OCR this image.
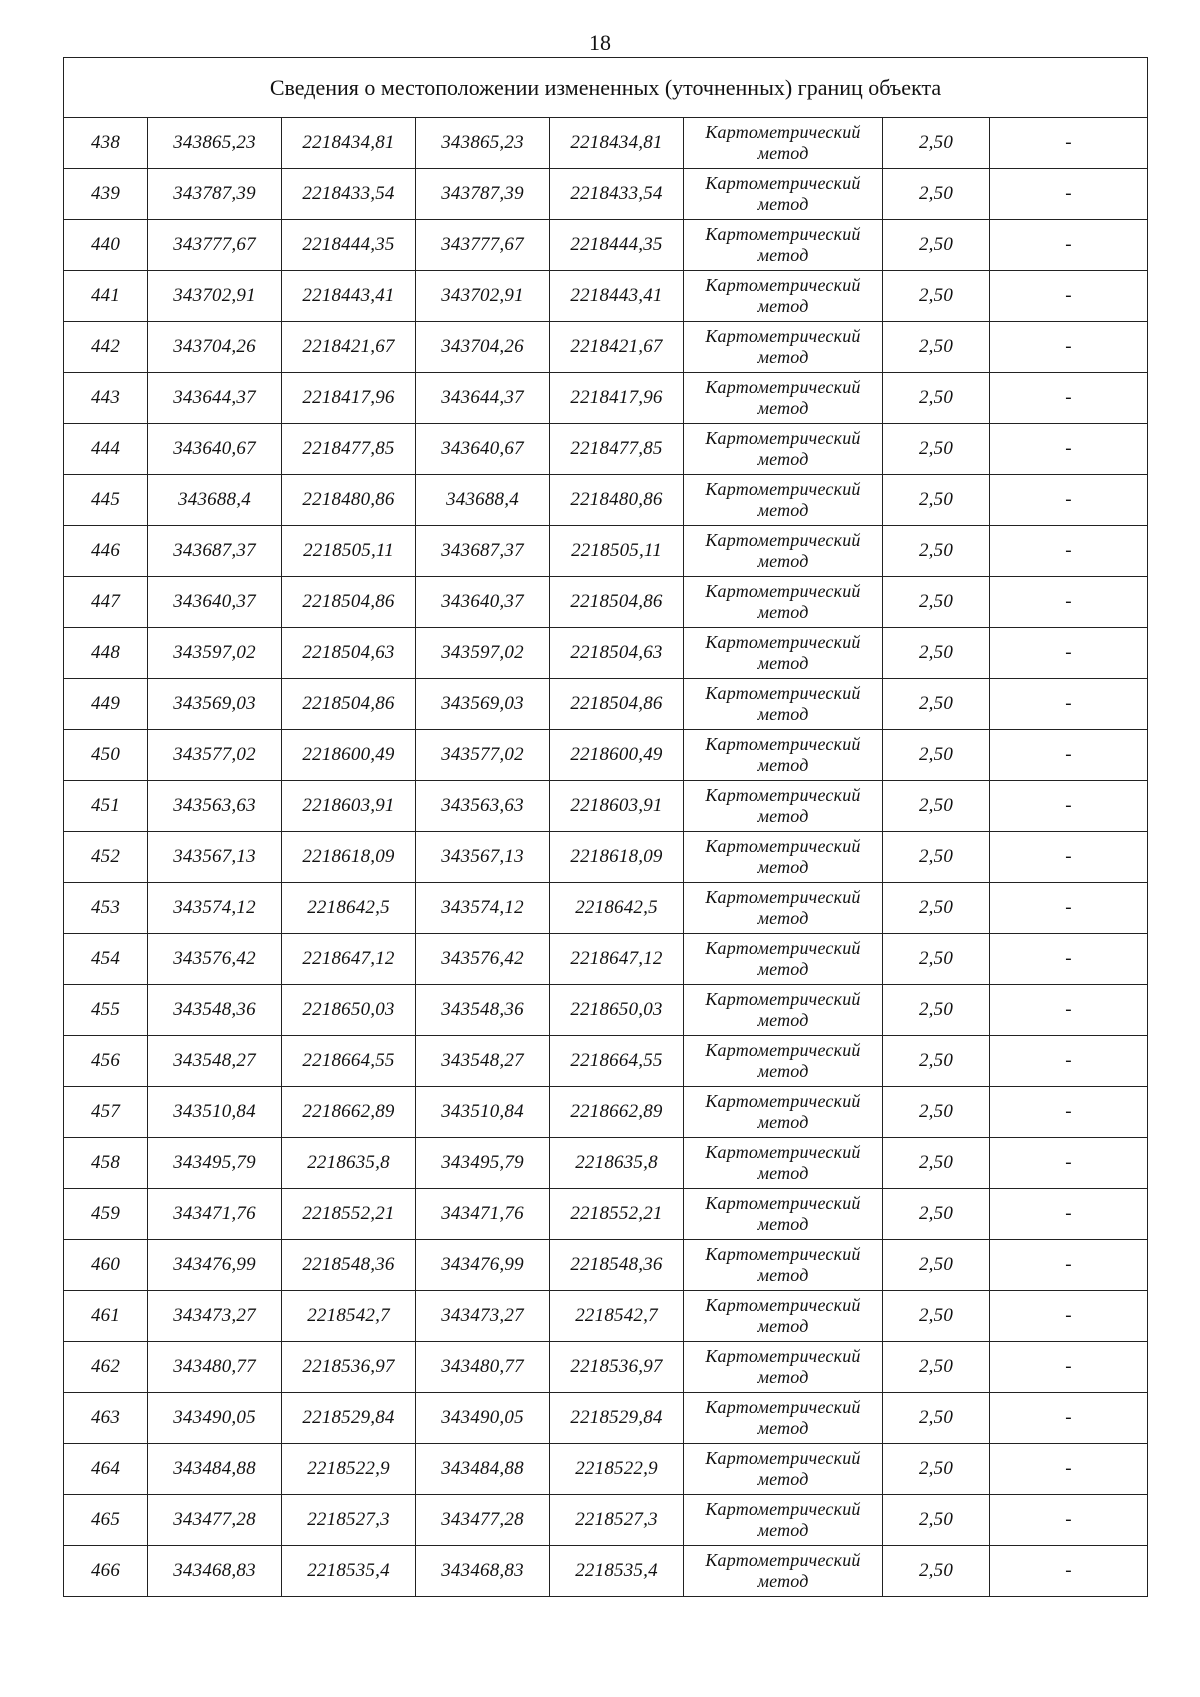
18
Сведения о местоположении измененных (уточненных) границ объекта							
438	343865,23	2218434,81	343865,23	2218434,81	Картометрический метод	2,50	-
439	343787,39	2218433,54	343787,39	2218433,54	Картометрический метод	2,50	-
440	343777,67	2218444,35	343777,67	2218444,35	Картометрический метод	2,50	-
441	343702,91	2218443,41	343702,91	2218443,41	Картометрический метод	2,50	-
442	343704,26	2218421,67	343704,26	2218421,67	Картометрический метод	2,50	-
443	343644,37	2218417,96	343644,37	2218417,96	Картометрический метод	2,50	-
444	343640,67	2218477,85	343640,67	2218477,85	Картометрический метод	2,50	-
445	343688,4	2218480,86	343688,4	2218480,86	Картометрический метод	2,50	-
446	343687,37	2218505,11	343687,37	2218505,11	Картометрический метод	2,50	-
447	343640,37	2218504,86	343640,37	2218504,86	Картометрический метод	2,50	-
448	343597,02	2218504,63	343597,02	2218504,63	Картометрический метод	2,50	-
449	343569,03	2218504,86	343569,03	2218504,86	Картометрический метод	2,50	-
450	343577,02	2218600,49	343577,02	2218600,49	Картометрический метод	2,50	-
451	343563,63	2218603,91	343563,63	2218603,91	Картометрический метод	2,50	-
452	343567,13	2218618,09	343567,13	2218618,09	Картометрический метод	2,50	-
453	343574,12	2218642,5	343574,12	2218642,5	Картометрический метод	2,50	-
454	343576,42	2218647,12	343576,42	2218647,12	Картометрический метод	2,50	-
455	343548,36	2218650,03	343548,36	2218650,03	Картометрический метод	2,50	-
456	343548,27	2218664,55	343548,27	2218664,55	Картометрический метод	2,50	-
457	343510,84	2218662,89	343510,84	2218662,89	Картометрический метод	2,50	-
458	343495,79	2218635,8	343495,79	2218635,8	Картометрический метод	2,50	-
459	343471,76	2218552,21	343471,76	2218552,21	Картометрический метод	2,50	-
460	343476,99	2218548,36	343476,99	2218548,36	Картометрический метод	2,50	-
461	343473,27	2218542,7	343473,27	2218542,7	Картометрический метод	2,50	-
462	343480,77	2218536,97	343480,77	2218536,97	Картометрический метод	2,50	-
463	343490,05	2218529,84	343490,05	2218529,84	Картометрический метод	2,50	-
464	343484,88	2218522,9	343484,88	2218522,9	Картометрический метод	2,50	-
465	343477,28	2218527,3	343477,28	2218527,3	Картометрический метод	2,50	-
466	343468,83	2218535,4	343468,83	2218535,4	Картометрический метод	2,50	-
